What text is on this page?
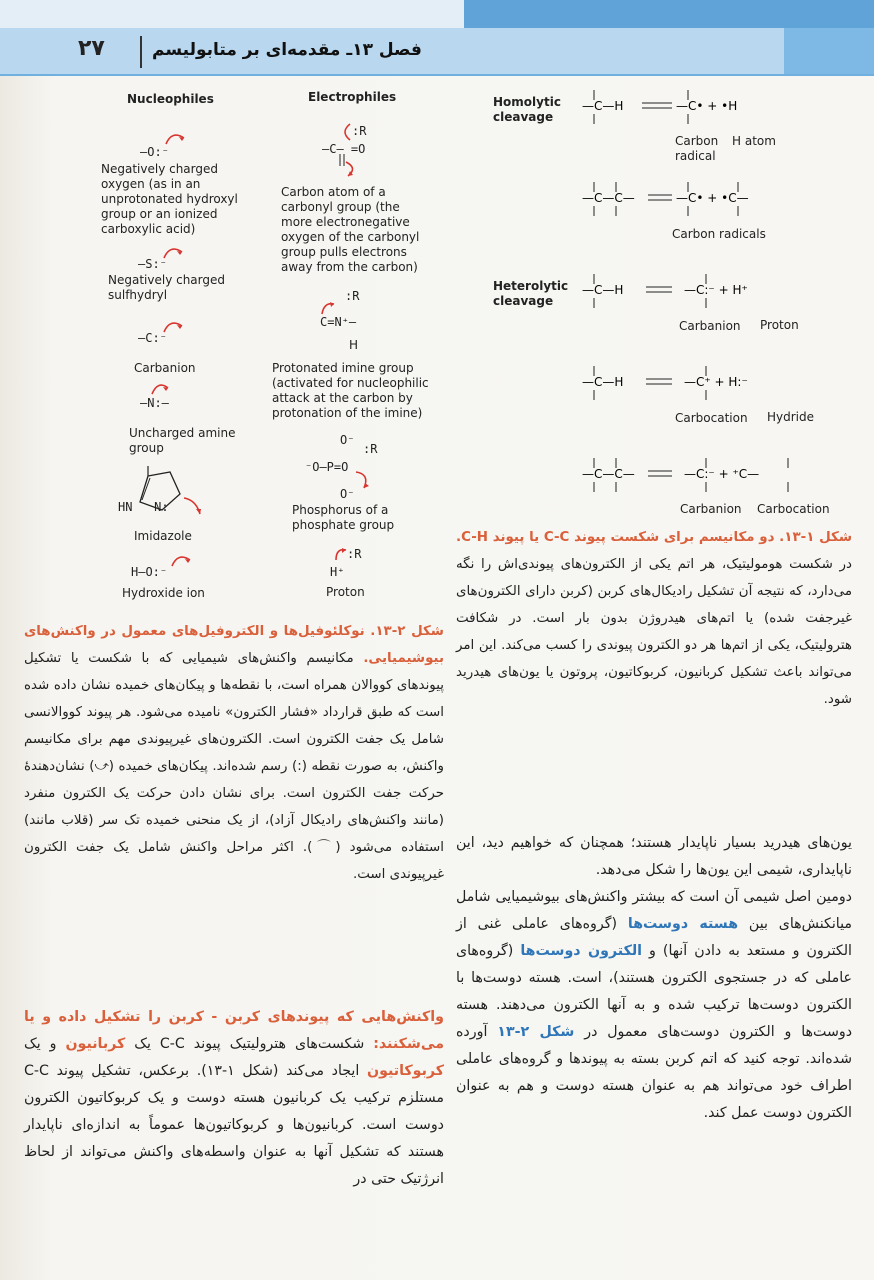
۲۷	فصل ۱۳ـ مقدمه‌ای بر متابولیسم
Nucleophiles	Electrophiles
—O:⁻
Negatively charged oxygen (as in an unprotonated hydroxyl group or an ionized carboxylic acid)
—S:⁻
Negatively charged sulfhydryl
—C:⁻
Carbanion
—N:—
Uncharged amine group
HN   N:
Imidazole
H—O:⁻
Hydroxide ion
:R
—C— =O
Carbon atom of a carbonyl group (the more electronegative oxygen of the carbonyl group pulls electrons away from the carbon)
:R
C=N⁺—
H
Protonated imine group (activated for nucleophilic attack at the carbon by protonation of the imine)
O⁻
:R
⁻O—P=O
O⁻
Phosphorus of a phosphate group
:R
H⁺
Proton
Homolytic cleavage
—C—H	—C• + •H
Carbon radical
H atom
—C—C—	—C• + •C—
Carbon radicals
Heterolytic cleavage
—C—H	—C:⁻ + H⁺
Carbanion Proton
—C—H	—C⁺ + H:⁻
Carbocation Hydride
—C—C—	—C:⁻ + ⁺C—
Carbanion Carbocation
شکل ۱-۱۳. دو مکانیسم برای شکست پیوند C-C یا پیوند C-H. در شکست هومولیتیک، هر اتم یکی از الکترون‌های پیوندی‌اش را نگه می‌دارد، که نتیجه آن تشکیل رادیکال‌های کربن (کربن دارای الکترون‌های غیرجفت شده) یا اتم‌های هیدروژن بدون بار است. در شکافت هترولیتیک، یکی از اتم‌ها هر دو الکترون پیوندی را کسب می‌کند. این امر می‌تواند باعث تشکیل کربانیون، کربوکاتیون، پروتون یا یون‌های هیدرید شود.
شکل ۲-۱۳. نوکلئوفیل‌ها و الکتروفیل‌های معمول در واکنش‌های بیوشیمیایی. مکانیسم واکنش‌های شیمیایی که با شکست یا تشکیل پیوندهای کووالان همراه است، با نقطه‌ها و پیکان‌های خمیده نشان داده شده است که طبق قرارداد «فشار الکترون» نامیده می‌شود. هر پیوند کووالانسی شامل یک جفت الکترون است. الکترون‌های غیرپیوندی مهم برای مکانیسم واکنش، به صورت نقطه (:) رسم شده‌اند. پیکان‌های خمیده (⤻) نشان‌دهندهٔ حرکت جفت الکترون است. برای نشان دادن حرکت یک الکترون منفرد (مانند واکنش‌های رادیکال آزاد)، از یک منحنی خمیده تک سر (قلاب مانند) استفاده می‌شود (⌒). اکثر مراحل واکنش شامل یک جفت الکترون غیرپیوندی است.
واکنش‌هایی که پیوندهای کربن - کربن را تشکیل داده و یا می‌شکنند: شکست‌های هترولیتیک پیوند C-C یک کربانیون و یک کربوکاتیون ایجاد می‌کند (شکل ۱-۱۳). برعکس، تشکیل پیوند C-C مستلزم ترکیب یک کربانیون هسته دوست و یک کربوکاتیون الکترون دوست است. کربانیون‌ها و کربوکاتیون‌ها عموماً به اندازه‌ای ناپایدار هستند که تشکیل آنها به عنوان واسطه‌های واکنش می‌تواند از لحاظ انرژتیک حتی در
یون‌های هیدرید بسیار ناپایدار هستند؛ همچنان که خواهیم دید، این ناپایداری، شیمی این یون‌ها را شکل می‌دهد.
دومین اصل شیمی آن است که بیشتر واکنش‌های بیوشیمیایی شامل میانکنش‌های بین هسته دوست‌ها (گروه‌های عاملی غنی از الکترون و مستعد به دادن آنها) و الکترون دوست‌ها (گروه‌های عاملی که در جستجوی الکترون هستند)، است. هسته دوست‌ها با الکترون دوست‌ها ترکیب شده و به آنها الکترون می‌دهند. هسته دوست‌ها و الکترون دوست‌های معمول در شکل ۲-۱۳ آورده شده‌اند. توجه کنید که اتم کربن بسته به پیوندها و گروه‌های عاملی اطراف خود می‌تواند هم به عنوان هسته دوست و هم به عنوان الکترون دوست عمل کند.
